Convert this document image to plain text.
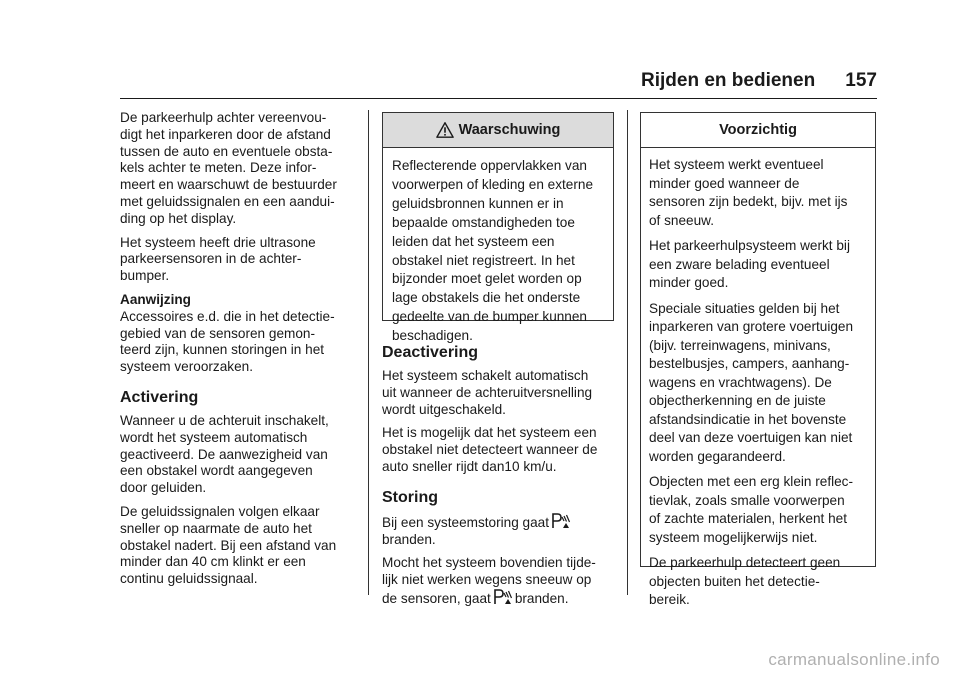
Rijden en bedienen 157

De parkeerhulp achter vereenvou-
digt het inparkeren door de afstand
tussen de auto en eventuele obsta-
kels achter te meten. Deze infor-
meert en waarschuwt de bestuurder
met geluidssignalen en een aandui-
ding op het display.

Het systeem heeft drie ultrasone
parkeersensoren in de achter-
bumper.

Aanwijzing

Accessoires e.d. die in het detectie-
gebied van de sensoren gemon-
teerd zijn, kunnen storingen in het
systeem veroorzaken.

Activering

Wanneer u de achteruit inschakelt,
wordt het systeem automatisch
geactiveerd. De aanwezigheid van
een obstakel wordt aangegeven
door geluiden.

De geluidssignalen volgen elkaar
sneller op naarmate de auto het
obstakel nadert. Bij een afstand van
minder dan 40 cm klinkt er een
continu geluidssignaal.

Waarschuwing
Reflecterende oppervlakken van
voorwerpen of kleding en externe
geluidsbronnen kunnen er in
bepaalde omstandigheden toe
leiden dat het systeem een
obstakel niet registreert. In het
bijzonder moet gelet worden op
lage obstakels die het onderste
gedeelte van de bumper kunnen
beschadigen.
Deactivering

Het systeem schakelt automatisch
uit wanneer de achteruitversnelling
wordt uitgeschakeld.

Het is mogelijk dat het systeem een
obstakel niet detecteert wanneer de
auto sneller rijdt dan10 km/u.

Storing

Bij een systeemstoring gaat
branden.

Mocht het systeem bovendien tijde-
lijk niet werken wegens sneeuw op
de sensoren, gaat branden.

Voorzichtig

Het systeem werkt eventueel
minder goed wanneer de
sensoren zijn bedekt, bijv. met ijs
of sneeuw.

Het parkeerhulpsysteem werkt bij
een zware belading eventueel
minder goed.

Speciale situaties gelden bij het
inparkeren van grotere voertuigen
(bijv. terreinwagens, minivans,
bestelbusjes, campers, aanhang-
wagens en vrachtwagens). De
objectherkenning en de juiste
afstandsindicatie in het bovenste
deel van deze voertuigen kan niet
worden gegarandeerd.

Objecten met een erg klein reflec-
tievlak, zoals smalle voorwerpen
of zachte materialen, herkent het
systeem mogelijkerwijs niet.

De parkeerhulp detecteert geen
objecten buiten het detectie-
bereik.

carmanualsonline.info
